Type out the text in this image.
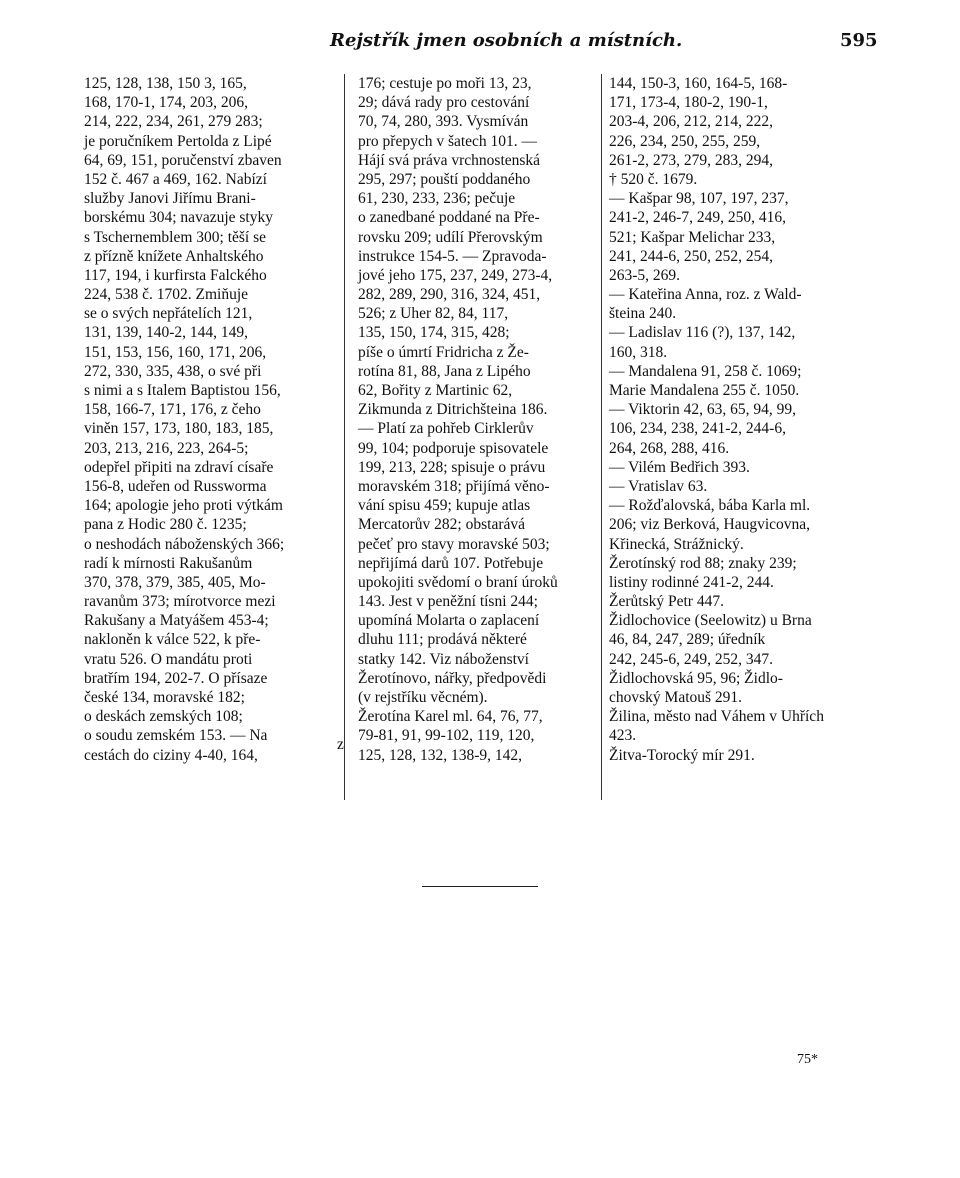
Rejstřík jmen osobních a místních.	595
125, 128, 138, 150 3, 165,
168, 170-1, 174, 203, 206,
214, 222, 234, 261, 279 283;
je poručníkem Pertolda z Lipé
64, 69, 151, poručenství zbaven
152 č. 467 a 469, 162. Nabízí
služby Janovi Jiřímu Brani-
borskému 304; navazuje styky
s Tschernemblem 300; těší se
z přízně knížete Anhaltského
117, 194, i kurfirsta Falckého
224, 538 č. 1702. Zmiňuje
se o svých nepřátelích 121,
131, 139, 140-2, 144, 149,
151, 153, 156, 160, 171, 206,
272, 330, 335, 438, o své při
s nimi a s Italem Baptistou 156,
158, 166-7, 171, 176, z čeho
viněn 157, 173, 180, 183, 185,
203, 213, 216, 223, 264-5;
odepřel připiti na zdraví císaře
156-8, udeřen od Russworma
164; apologie jeho proti výtkám
pana z Hodic 280 č. 1235;
o neshodách náboženských 366;
radí k mírnosti Rakušanům
370, 378, 379, 385, 405, Mo-
ravanům 373; mírotvorce mezi
Rakušany a Matyášem 453-4;
nakloněn k válce 522, k pře-
vratu 526. O mandátu proti
bratřím 194, 202-7. O přísaze
české 134, moravské 182;
o deskách zemských 108;
o soudu zemském 153. — Na
cestách do ciziny 4-40, 164,
176; cestuje po moři 13, 23,
29; dává rady pro cestování
70, 74, 280, 393. Vysmíván
pro přepych v šatech 101. —
Hájí svá práva vrchnostenská
295, 297; pouští poddaného
61, 230, 233, 236; pečuje
o zanedbané poddané na Pře-
rovsku 209; udílí Přerovským
instrukce 154-5. — Zpravoda-
jové jeho 175, 237, 249, 273-4,
282, 289, 290, 316, 324, 451,
526; z Uher 82, 84, 117,
135, 150, 174, 315, 428;
píše o úmrtí Fridricha z Že-
rotína 81, 88, Jana z Lipého
62, Bořity z Martinic 62,
Zikmunda z Ditrichšteina 186.
— Platí za pohřeb Cirklerův
99, 104; podporuje spisovatele
199, 213, 228; spisuje o právu
moravském 318; přijímá věno-
vání spisu 459; kupuje atlas
Mercatorův 282; obstarává
pečeť pro stavy moravské 503;
nepřijímá darů 107. Potřebuje
upokojiti svědomí o braní úroků
143. Jest v peněžní tísni 244;
upomíná Molarta o zaplacení
dluhu 111; prodává některé
statky 142. Viz náboženství
Žerotínovo, nářky, předpovědi
(v rejstříku věcném).
Žerotína Karel ml. 64, 76, 77,
79-81, 91, 99-102, 119, 120,
125, 128, 132, 138-9, 142,
144, 150-3, 160, 164-5, 168-
171, 173-4, 180-2, 190-1,
203-4, 206, 212, 214, 222,
226, 234, 250, 255, 259,
261-2, 273, 279, 283, 294,
† 520 č. 1679.
— Kašpar 98, 107, 197, 237,
241-2, 246-7, 249, 250, 416,
521; Kašpar Melichar 233,
241, 244-6, 250, 252, 254,
263-5, 269.
— Kateřina Anna, roz. z Wald-
šteina 240.
— Ladislav 116 (?), 137, 142,
160, 318.
— Mandalena 91, 258 č. 1069;
Marie Mandalena 255 č. 1050.
— Viktorin 42, 63, 65, 94, 99,
106, 234, 238, 241-2, 244-6,
264, 268, 288, 416.
— Vilém Bedřich 393.
— Vratislav 63.
— Rožďalovská, bába Karla ml.
206; viz Berková, Haugvicovna,
Křinecká, Strážnický.
Žerotínský rod 88; znaky 239;
listiny rodinné 241-2, 244.
Žerůtský Petr 447.
Židlochovice (Seelowitz) u Brna
46, 84, 247, 289; úředník
242, 245-6, 249, 252, 347.
Židlochovská 95, 96; Židlo-
chovský Matouš 291.
Žilina, město nad Váhem v Uhřích
423.
Žitva-Torocký mír 291.
z
75*
